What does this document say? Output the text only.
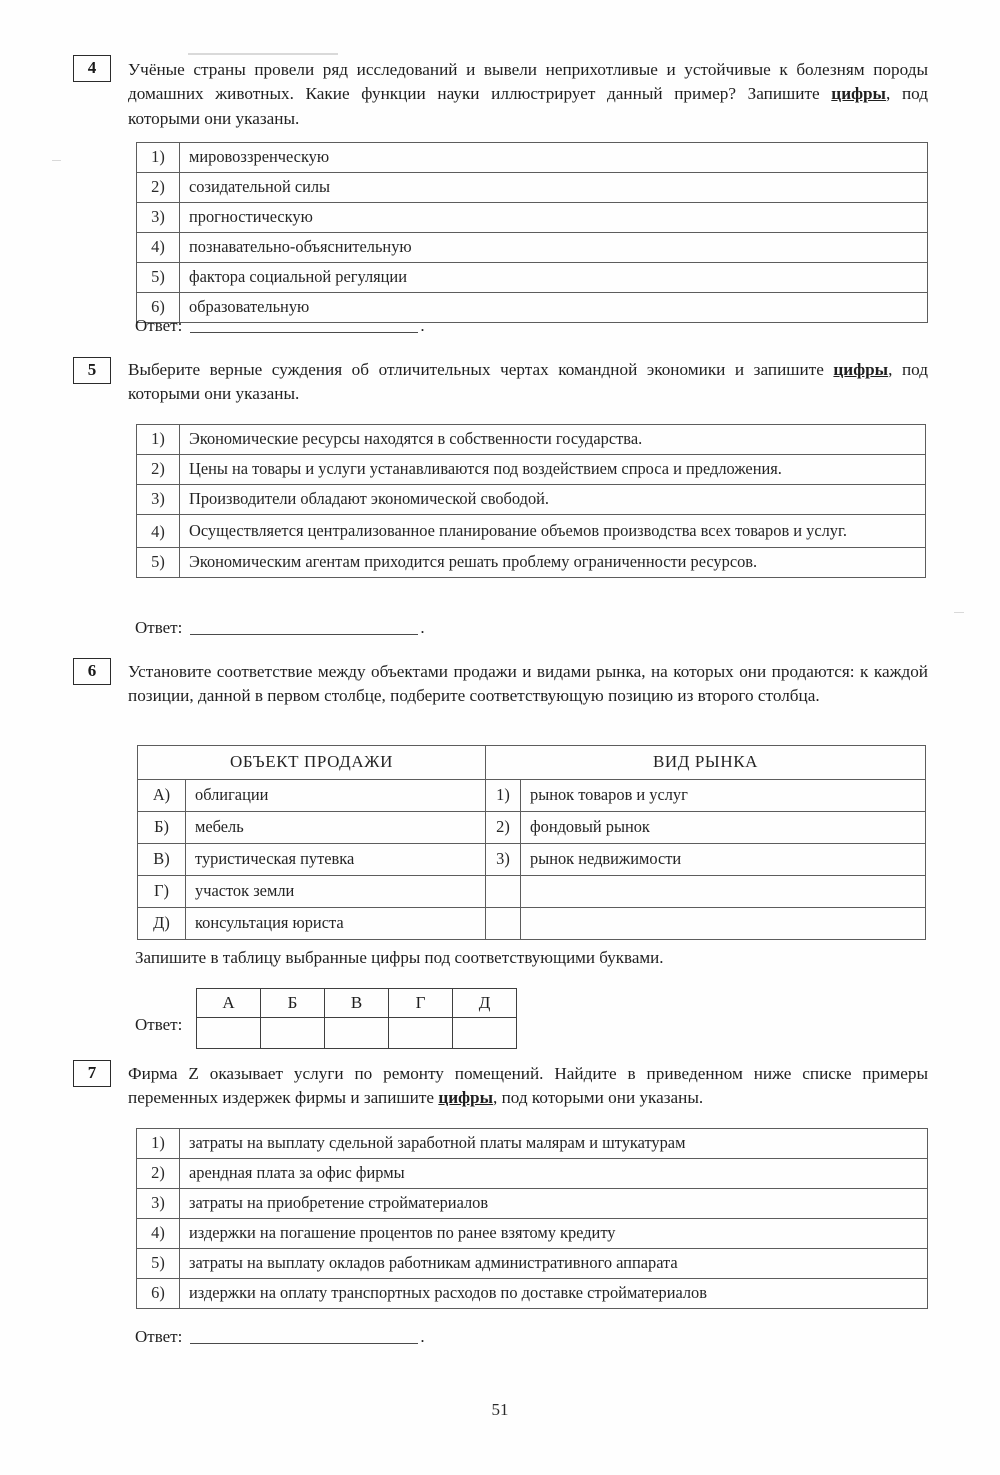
4	Учёные страны провели ряд исследований и вывели неприхотливые и устойчивые к болезням породы домашних животных. Какие функции науки иллюстрирует данный пример? Запишите цифры, под которыми они указаны.
1)	мировоззренческую
2)	созидательной силы
3)	прогностическую
4)	познавательно-объяснительную
5)	фактора социальной регуляции
6)	образовательную
Ответ:	.
5	Выберите верные суждения об отличительных чертах командной экономики и запишите цифры, под которыми они указаны.
1)	Экономические ресурсы находятся в собственности государства.
2)	Цены на товары и услуги устанавливаются под воздействием спроса и предложения.
3)	Производители обладают экономической свободой.
4)	Осуществляется централизованное планирование объемов производства всех товаров и услуг.
5)	Экономическим агентам приходится решать проблему ограниченности ресурсов.
Ответ:	.
6	Установите соответствие между объектами продажи и видами рынка, на которых они продаются: к каждой позиции, данной в первом столбце, подберите соответствующую позицию из второго столбца.
ОБЪЕКТ ПРОДАЖИ		ВИД РЫНКА	
А)	облигации	1)	рынок товаров и услуг
Б)	мебель	2)	фондовый рынок
В)	туристическая путевка	3)	рынок недвижимости
Г)	участок земли		
Д)	консультация юриста		
Запишите в таблицу выбранные цифры под соответствующими буквами.
Ответ:
А	Б	В	Г	Д

7	Фирма Z оказывает услуги по ремонту помещений. Найдите в приведенном ниже списке примеры переменных издержек фирмы и запишите цифры, под которыми они указаны.
1)	затраты на выплату сдельной заработной платы малярам и штукатурам
2)	арендная плата за офис фирмы
3)	затраты на приобретение стройматериалов
4)	издержки на погашение процентов по ранее взятому кредиту
5)	затраты на выплату окладов работникам административного аппарата
6)	издержки на оплату транспортных расходов по доставке стройматериалов
Ответ:	.
51
